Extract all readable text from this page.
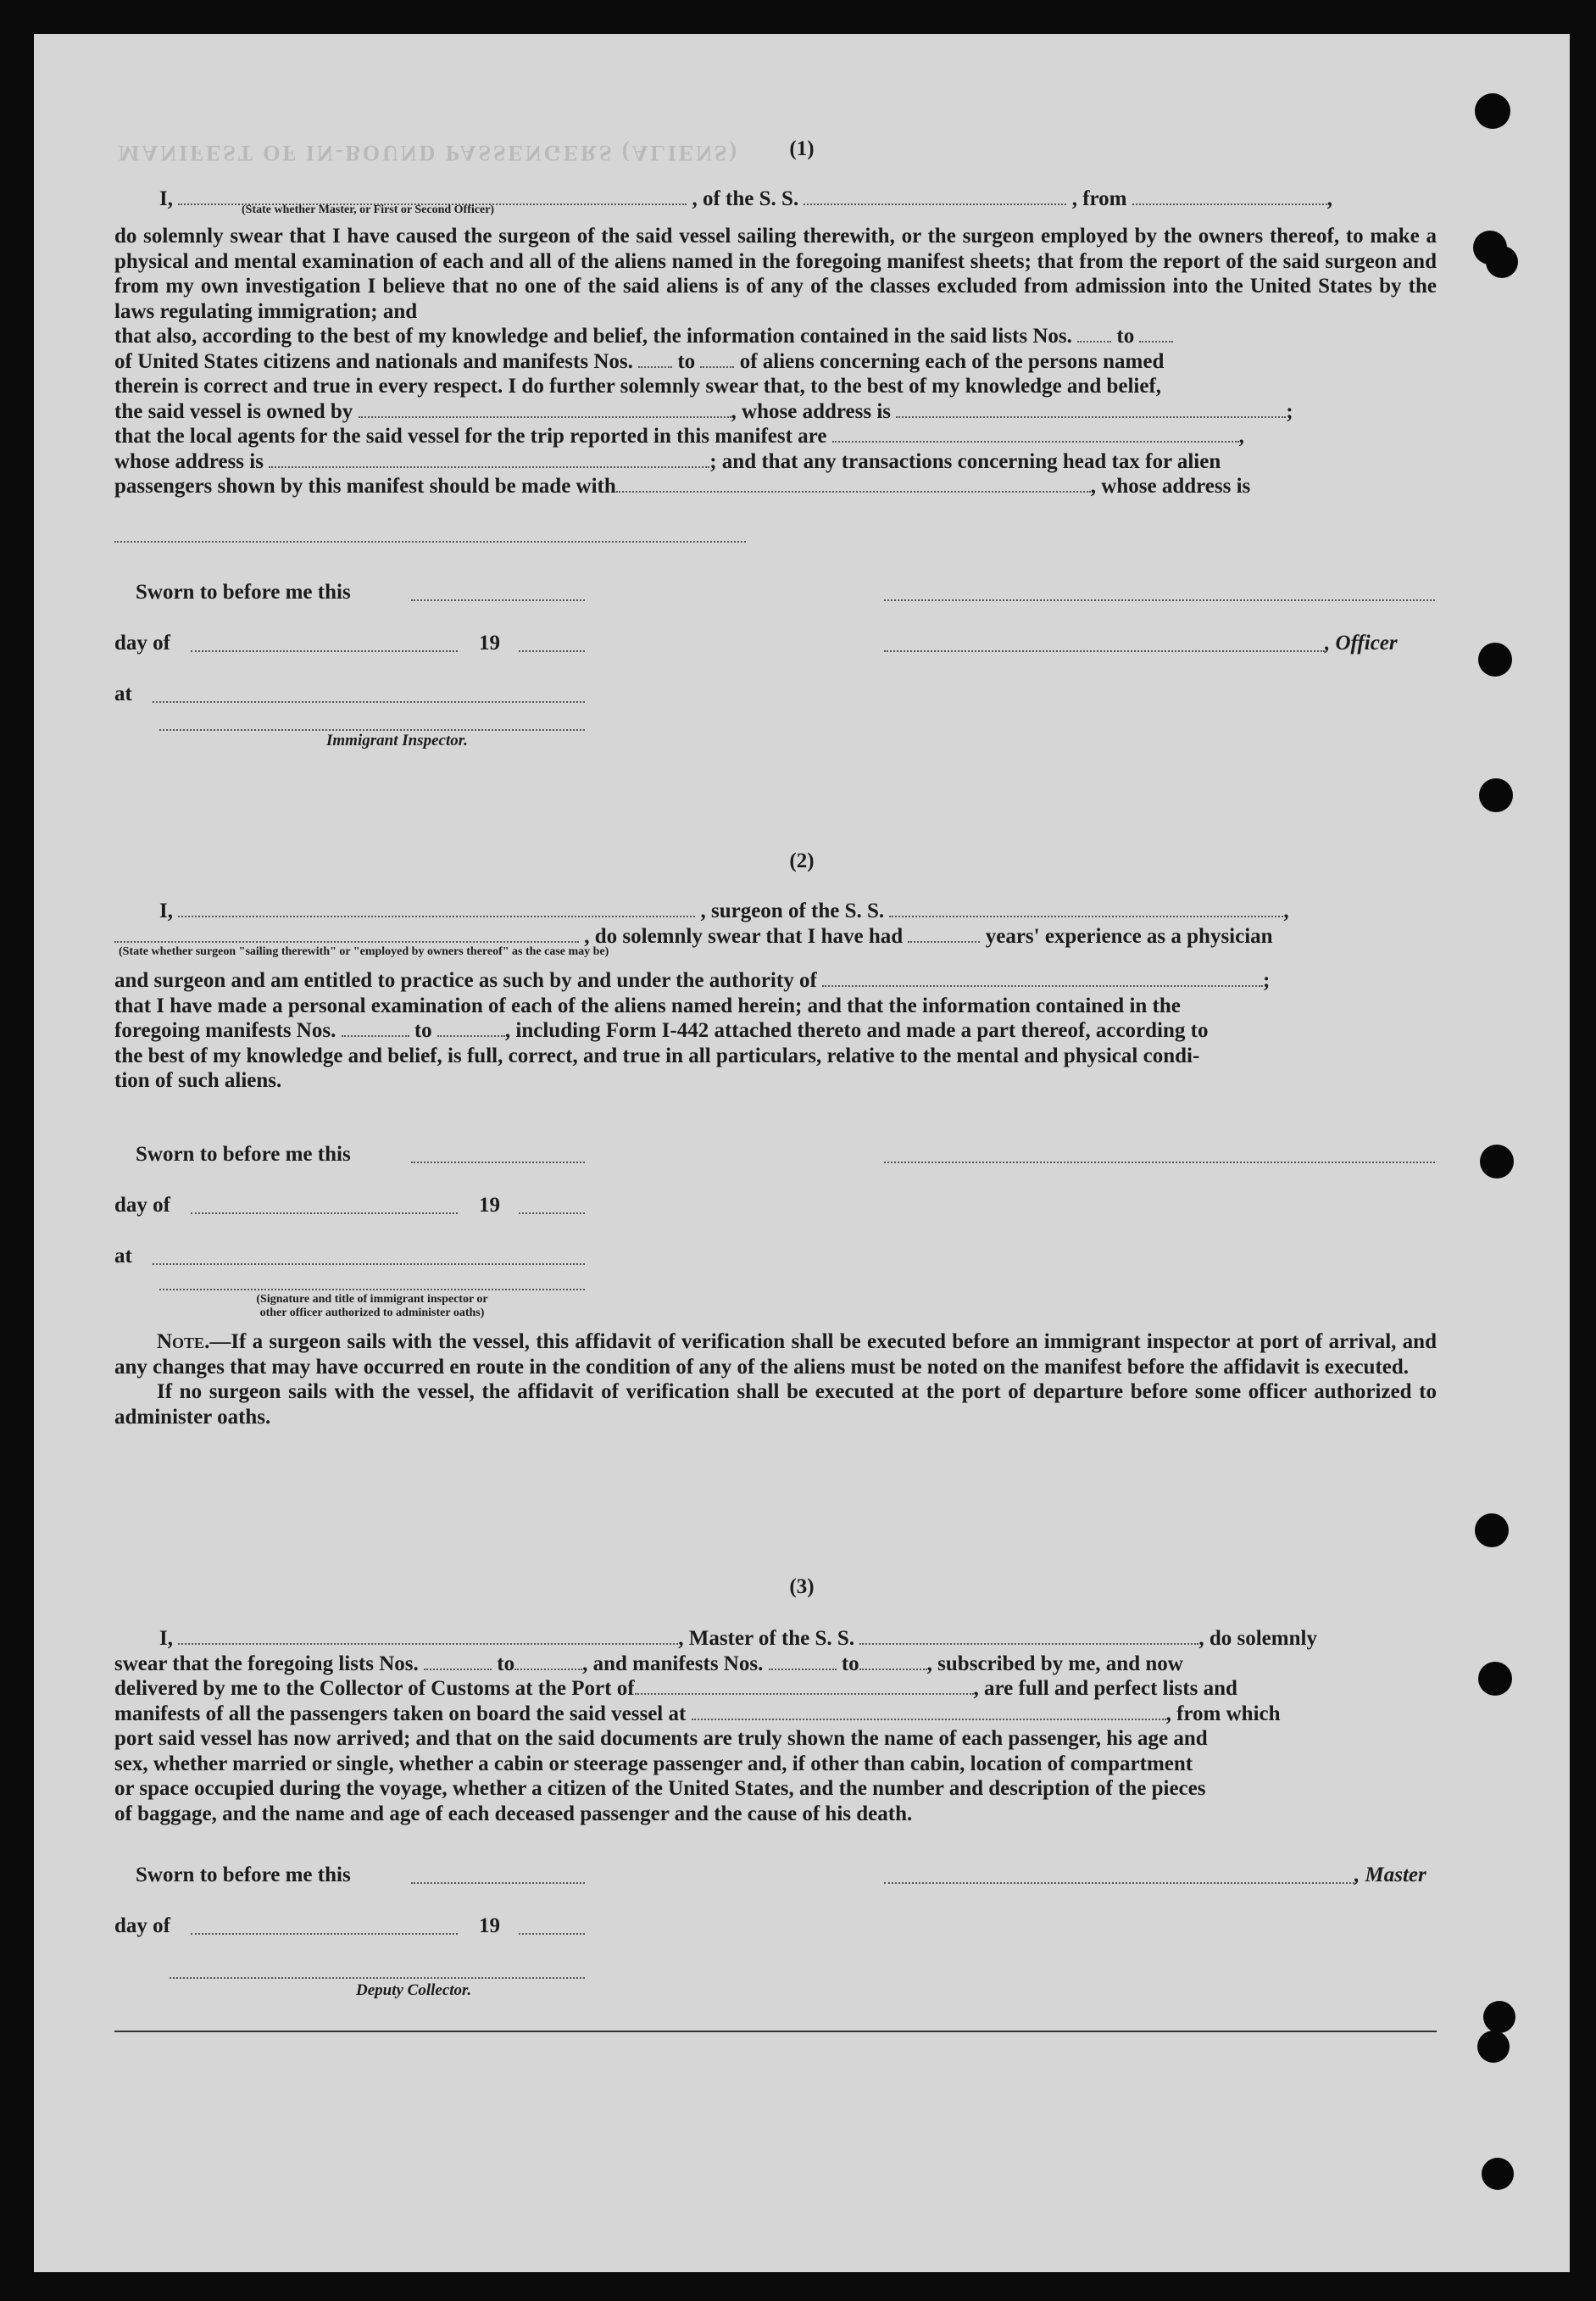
MANIFEST OF IN-BOUND PASSENGERS (ALIENS)	(1)
I,	, of the S. S.	, from	,
(State whether Master, or First or Second Officer)

do solemnly swear that I have caused the surgeon of the said vessel sailing therewith, or the surgeon employed by the owners thereof, to make a physical and mental examination of each and all of the aliens named in the foregoing manifest sheets; that from the report of the said surgeon and from my own investigation I believe that no one of the said aliens is of any of the classes excluded from admission into the United States by the laws regulating immigration; and

that also, according to the best of my knowledge and belief, the information contained in the said lists Nos. to

of United States citizens and nationals and manifests Nos. to of aliens concerning each of the persons named

therein is correct and true in every respect. I do further solemnly swear that, to the best of my knowledge and belief,

the said vessel is owned by	, whose address is	;

that the local agents for the said vessel for the trip reported in this manifest are	,

whose address is	; and that any transactions concerning head tax for alien

passengers shown by this manifest should be made with	, whose address is

Sworn to before me this
day of	19	, Officer
at
Immigrant Inspector.
(2)
I,	, surgeon of the S. S.	,
, do solemnly swear that I have had	years' experience as a physician
(State whether surgeon "sailing therewith" or "employed by owners thereof" as the case may be)

and surgeon and am entitled to practice as such by and under the authority of	;

that I have made a personal examination of each of the aliens named herein; and that the information contained in the

foregoing manifests Nos.	to	, including Form I-442 attached thereto and made a part thereof, according to

the best of my knowledge and belief, is full, correct, and true in all particulars, relative to the mental and physical condi-

tion of such aliens.

Sworn to before me this
day of	19
at
(Signature and title of immigrant inspector or
other officer authorized to administer oaths)

Note.—If a surgeon sails with the vessel, this affidavit of verification shall be executed before an immigrant inspector at port of arrival, and any changes that may have occurred en route in the condition of any of the aliens must be noted on the manifest before the affidavit is executed.

If no surgeon sails with the vessel, the affidavit of verification shall be executed at the port of departure before some officer authorized to administer oaths.

(3)

I,	, Master of the S. S.	, do solemnly

swear that the foregoing lists Nos.	to	, and manifests Nos.	to	, subscribed by me, and now

delivered by me to the Collector of Customs at the Port of	, are full and perfect lists and

manifests of all the passengers taken on board the said vessel at	, from which

port said vessel has now arrived; and that on the said documents are truly shown the name of each passenger, his age and

sex, whether married or single, whether a cabin or steerage passenger and, if other than cabin, location of compartment

or space occupied during the voyage, whether a citizen of the United States, and the number and description of the pieces

of baggage, and the name and age of each deceased passenger and the cause of his death.

Sworn to before me this	, Master
day of	19
Deputy Collector.
